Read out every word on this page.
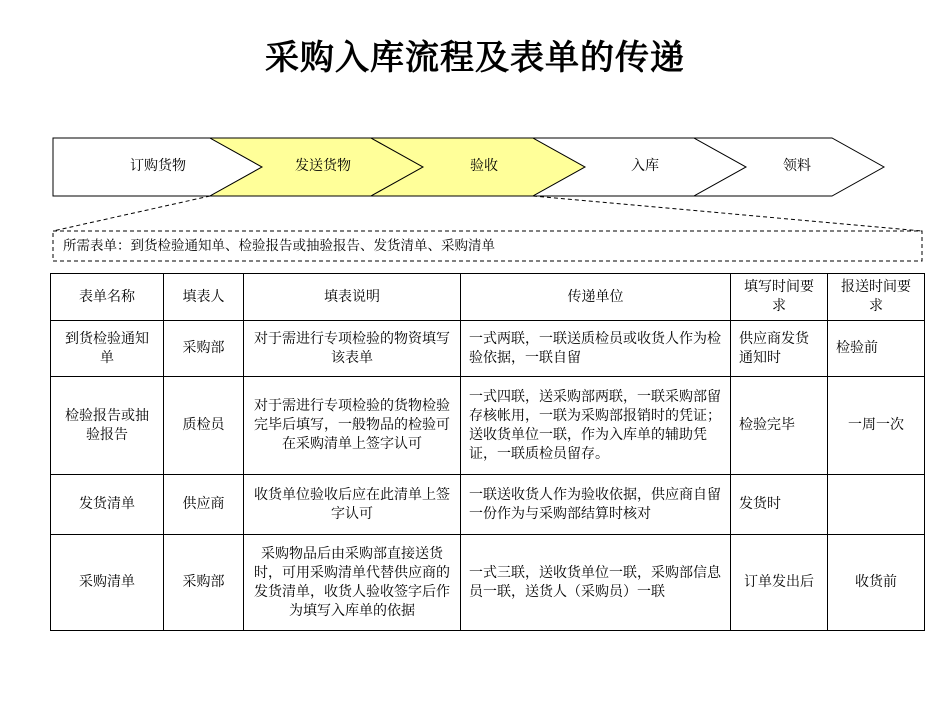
采购入库流程及表单的传递
订购货物	发送货物	验收	入库	领料
所需表单：到货检验通知单、检验报告或抽验报告、发货清单、采购清单
表单名称	填表人	填表说明	传递单位	填写时间要求	报送时间要求
到货检验通知单	采购部	对于需进行专项检验的物资填写该表单	一式两联，一联送质检员或收货人作为检验依据，一联自留	供应商发货通知时	检验前
检验报告或抽验报告	质检员	对于需进行专项检验的货物检验完毕后填写，一般物品的检验可在采购清单上签字认可	一式四联，送采购部两联，一联采购部留存核帐用，一联为采购部报销时的凭证；送收货单位一联，作为入库单的辅助凭证，一联质检员留存。	检验完毕	一周一次
发货清单	供应商	收货单位验收后应在此清单上签字认可	一联送收货人作为验收依据，供应商自留一份作为与采购部结算时核对	发货时	
采购清单	采购部	采购物品后由采购部直接送货时，可用采购清单代替供应商的发货清单，收货人验收签字后作为填写入库单的依据	一式三联，送收货单位一联，采购部信息员一联，送货人（采购员）一联	订单发出后	收货前
